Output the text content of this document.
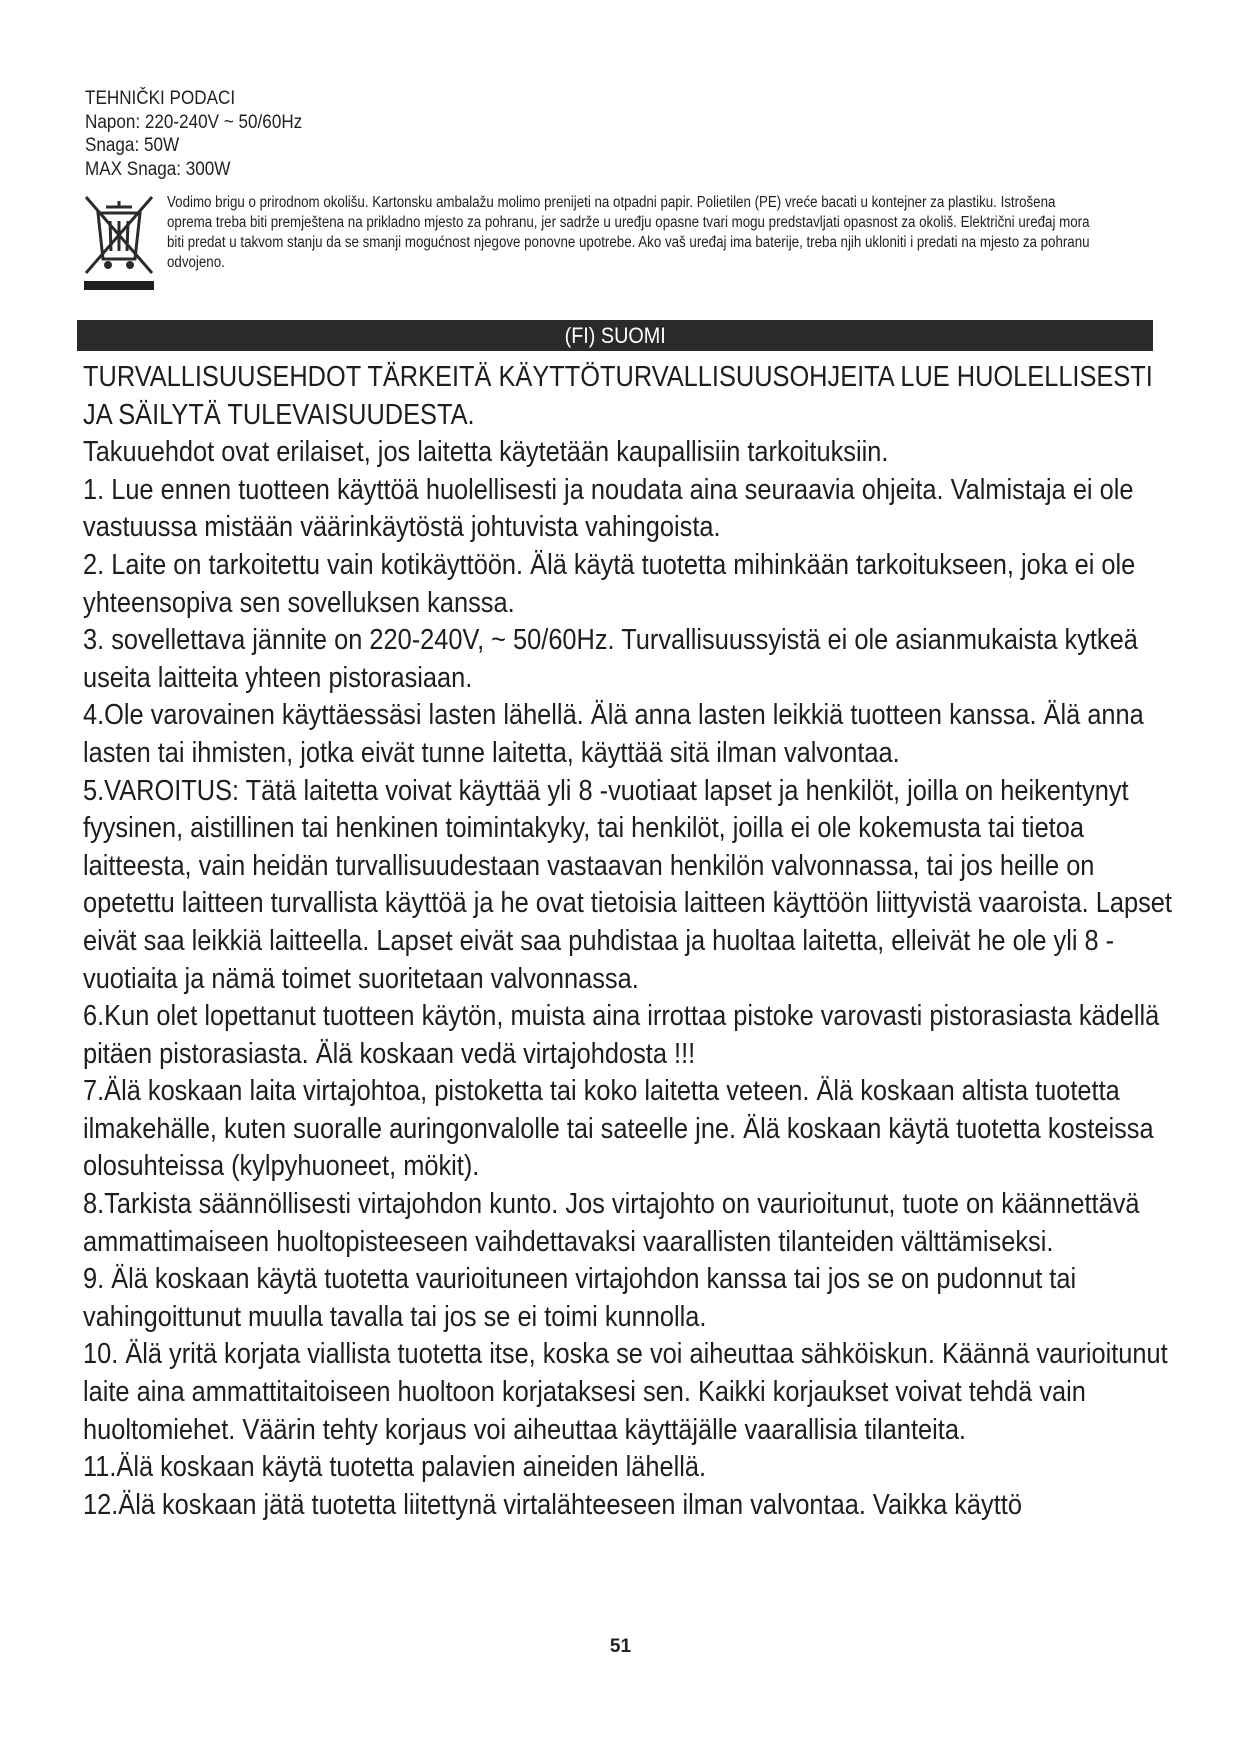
TEHNIČKI PODACI
Napon: 220-240V ~ 50/60Hz
Snaga: 50W
MAX Snaga: 300W
Vodimo brigu o prirodnom okolišu. Kartonsku ambalažu molimo prenijeti na otpadni papir. Polietilen (PE) vreće bacati u kontejner za plastiku. Istrošena oprema treba biti premještena na prikladno mjesto za pohranu, jer sadrže u uređju opasne tvari mogu predstavljati opasnost za okoliš. Električni uređaj mora biti predat u takvom stanju da se smanji mogućnost njegove ponovne upotrebe. Ako vaš uređaj ima baterije, treba njih ukloniti i predati na mjesto za pohranu odvojeno.
(FI) SUOMI

TURVALLISUUSEHDOT TÄRKEITÄ KÄYTTÖTURVALLISUUSOHJEITA LUE HUOLELLISESTI JA SÄILYTÄ TULEVAISUUDESTA.

Takuuehdot ovat erilaiset, jos laitetta käytetään kaupallisiin tarkoituksiin.

1. Lue ennen tuotteen käyttöä huolellisesti ja noudata aina seuraavia ohjeita. Valmistaja ei ole vastuussa mistään väärinkäytöstä johtuvista vahingoista.

2. Laite on tarkoitettu vain kotikäyttöön. Älä käytä tuotetta mihinkään tarkoitukseen, joka ei ole yhteensopiva sen sovelluksen kanssa.

3. sovellettava jännite on 220-240V, ~ 50/60Hz. Turvallisuussyistä ei ole asianmukaista kytkeä useita laitteita yhteen pistorasiaan.

4.Ole varovainen käyttäessäsi lasten lähellä. Älä anna lasten leikkiä tuotteen kanssa. Älä anna lasten tai ihmisten, jotka eivät tunne laitetta, käyttää sitä ilman valvontaa.

5.VAROITUS: Tätä laitetta voivat käyttää yli 8 -vuotiaat lapset ja henkilöt, joilla on heikentynyt fyysinen, aistillinen tai henkinen toimintakyky, tai henkilöt, joilla ei ole kokemusta tai tietoa laitteesta, vain heidän turvallisuudestaan vastaavan henkilön valvonnassa, tai jos heille on opetettu laitteen turvallista käyttöä ja he ovat tietoisia laitteen käyttöön liittyvistä vaaroista. Lapset eivät saa leikkiä laitteella. Lapset eivät saa puhdistaa ja huoltaa laitetta, elleivät he ole yli 8 -vuotiaita ja nämä toimet suoritetaan valvonnassa.

6.Kun olet lopettanut tuotteen käytön, muista aina irrottaa pistoke varovasti pistorasiasta kädellä pitäen pistorasiasta. Älä koskaan vedä virtajohdosta !!!

7.Älä koskaan laita virtajohtoa, pistoketta tai koko laitetta veteen. Älä koskaan altista tuotetta ilmakehälle, kuten suoralle auringonvalolle tai sateelle jne. Älä koskaan käytä tuotetta kosteissa olosuhteissa (kylpyhuoneet, mökit).

8.Tarkista säännöllisesti virtajohdon kunto. Jos virtajohto on vaurioitunut, tuote on käännettävä ammattimaiseen huoltopisteeseen vaihdettavaksi vaarallisten tilanteiden välttämiseksi.

9. Älä koskaan käytä tuotetta vaurioituneen virtajohdon kanssa tai jos se on pudonnut tai vahingoittunut muulla tavalla tai jos se ei toimi kunnolla.

10. Älä yritä korjata viallista tuotetta itse, koska se voi aiheuttaa sähköiskun. Käännä vaurioitunut laite aina ammattitaitoiseen huoltoon korjataksesi sen. Kaikki korjaukset voivat tehdä vain huoltomiehet. Väärin tehty korjaus voi aiheuttaa käyttäjälle vaarallisia tilanteita.

11.Älä koskaan käytä tuotetta palavien aineiden lähellä.

12.Älä koskaan jätä tuotetta liitettynä virtalähteeseen ilman valvontaa. Vaikka käyttö

51
